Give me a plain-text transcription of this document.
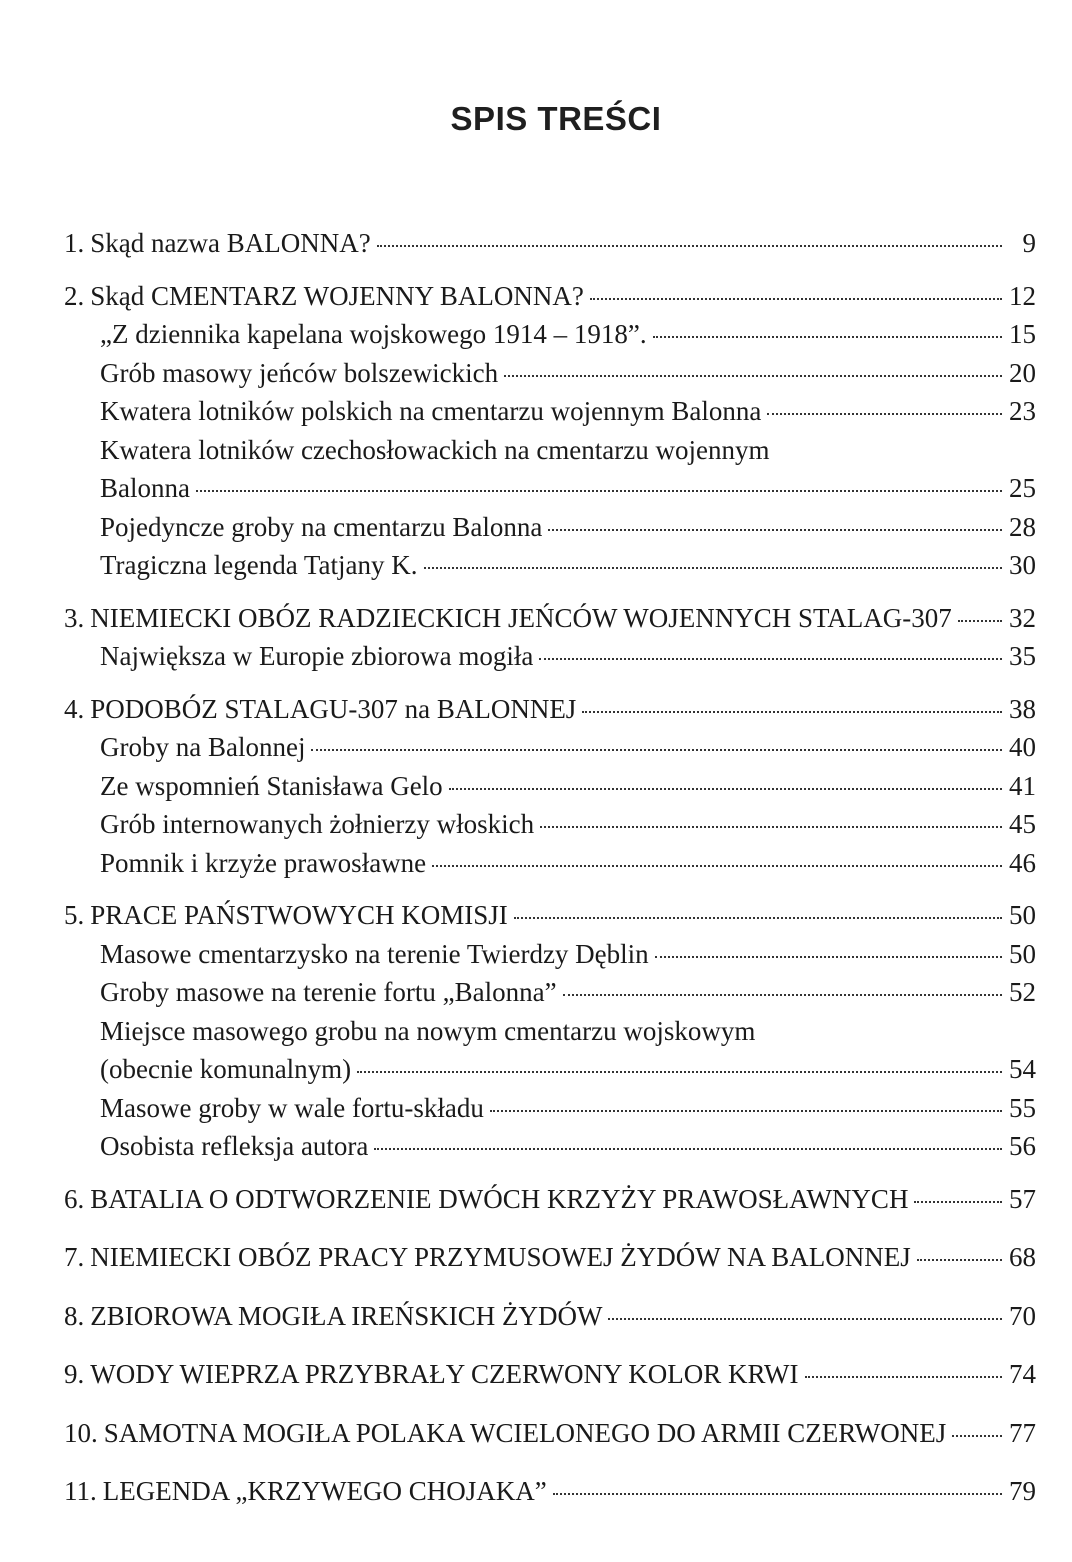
SPIS TREŚCI
1. Skąd nazwa BALONNA?	9
2. Skąd CMENTARZ WOJENNY BALONNA?	12
„Z dziennika kapelana wojskowego 1914 – 1918”.	15
Grób masowy jeńców bolszewickich	20
Kwatera lotników polskich na cmentarzu wojennym Balonna	23
Kwatera lotników czechosłowackich na cmentarzu wojennym
Balonna	25
Pojedyncze groby na cmentarzu Balonna	28
Tragiczna legenda Tatjany K.	30
3. NIEMIECKI OBÓZ RADZIECKICH JEŃCÓW WOJENNYCH STALAG-307 32
Największa w Europie zbiorowa mogiła	35
4. PODOBÓZ STALAGU-307 na BALONNEJ	38
Groby na Balonnej	40
Ze wspomnień Stanisława Gelo	41
Grób internowanych żołnierzy włoskich	45
Pomnik i krzyże prawosławne	46
5. PRACE PAŃSTWOWYCH KOMISJI	50
Masowe cmentarzysko na terenie Twierdzy Dęblin	50
Groby masowe na terenie fortu „Balonna”	52
Miejsce masowego grobu na nowym cmentarzu wojskowym
(obecnie komunalnym)	54
Masowe groby w wale fortu-składu	55
Osobista refleksja autora	56
6. BATALIA O ODTWORZENIE DWÓCH KRZYŻY PRAWOSŁAWNYCH	57
7. NIEMIECKI OBÓZ PRACY PRZYMUSOWEJ ŻYDÓW NA BALONNEJ	68
8. ZBIOROWA MOGIŁA IREŃSKICH ŻYDÓW	70
9. WODY WIEPRZA PRZYBRAŁY CZERWONY KOLOR KRWI	74
10. SAMOTNA MOGIŁA POLAKA WCIELONEGO DO ARMII CZERWONEJ 77
11. LEGENDA „KRZYWEGO CHOJAKA”	79
